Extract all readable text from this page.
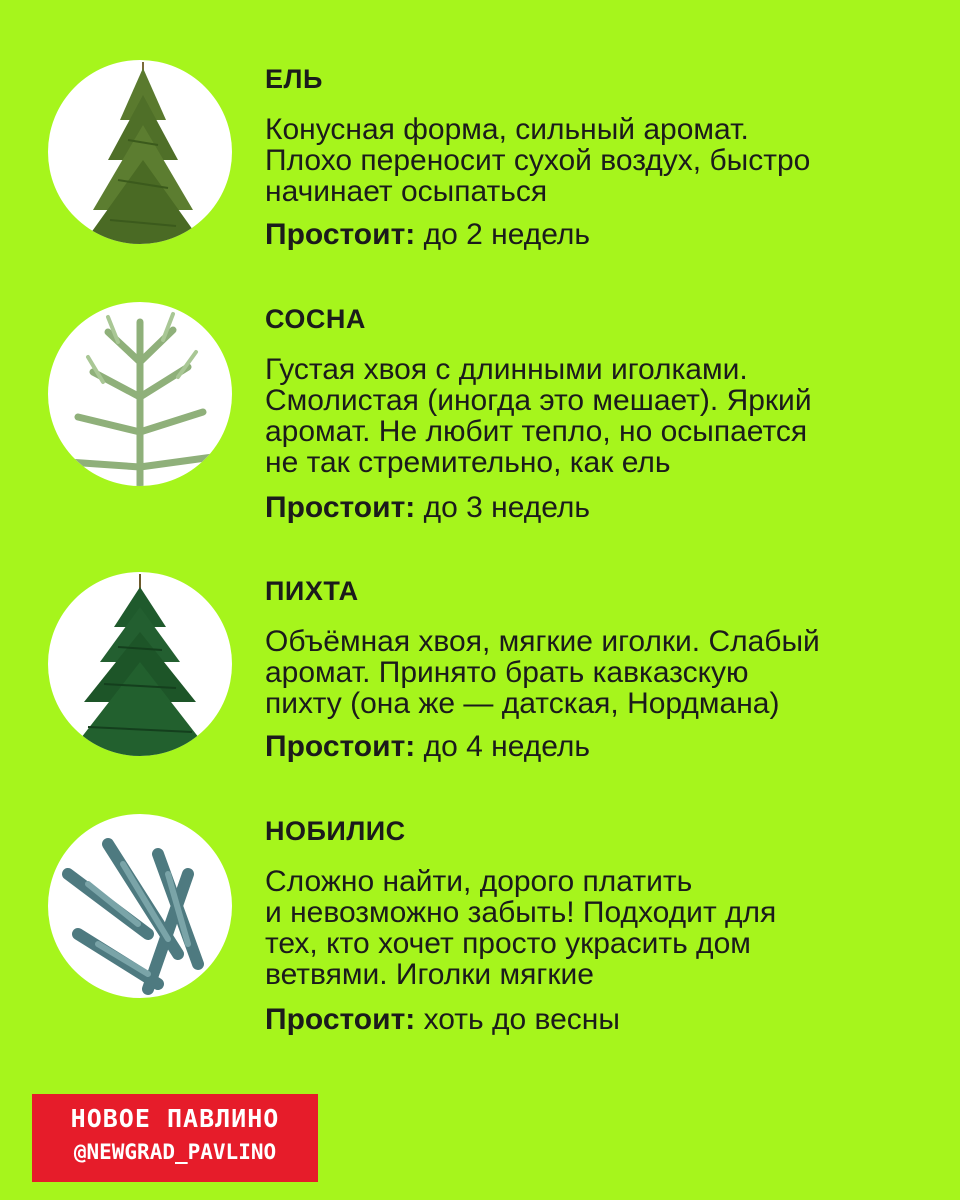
ЕЛЬ

Конусная форма, сильный аромат.
Плохо переносит сухой воздух, быстро
начинает осыпаться

Простоит: до 2 недель

СОСНА

Густая хвоя с длинными иголками.
Смолистая (иногда это мешает). Яркий
аромат. Не любит тепло, но осыпается
не так стремительно, как ель

Простоит: до 3 недель

ПИХТА

Объёмная хвоя, мягкие иголки. Слабый
аромат. Принято брать кавказскую
пихту (она же — датская, Нордмана)

Простоит: до 4 недель

НОБИЛИС

Сложно найти, дорого платить
и невозможно забыть! Подходит для
тех, кто хочет просто украсить дом
ветвями. Иголки мягкие

Простоит: хоть до весны

НОВОЕ ПАВЛИНО
@NEWGRAD_PAVLINO
